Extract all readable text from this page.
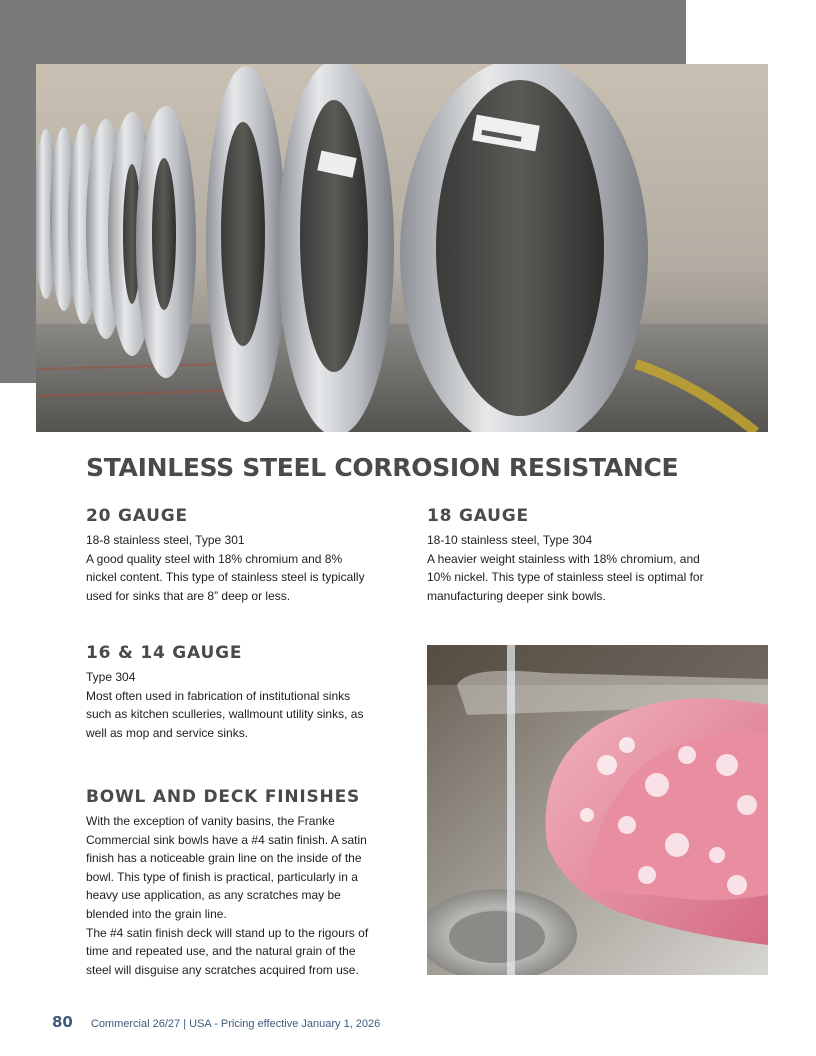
STAINLESS STEEL CORROSION RESISTANCE
20 GAUGE

18-8 stainless steel, Type 301
A good quality steel with 18% chromium and 8%
nickel content. This type of stainless steel is typically
used for sinks that are 8” deep or less.

18 GAUGE

18-10 stainless steel, Type 304
A heavier weight stainless with 18% chromium, and
10% nickel. This type of stainless steel is optimal for
manufacturing deeper sink bowls.

16 & 14 GAUGE

Type 304
Most often used in fabrication of institutional sinks
such as kitchen sculleries, wallmount utility sinks, as
well as mop and service sinks.

BOWL AND DECK FINISHES

With the exception of vanity basins, the Franke
Commercial sink bowls have a #4 satin finish. A satin
finish has a noticeable grain line on the inside of the
bowl. This type of finish is practical, particularly in a
heavy use application, as any scratches may be
blended into the grain line.
The #4 satin finish deck will stand up to the rigours of
time and repeated use, and the natural grain of the
steel will disguise any scratches acquired from use.

80 Commercial 26/27 | USA - Pricing effective January 1, 2026
